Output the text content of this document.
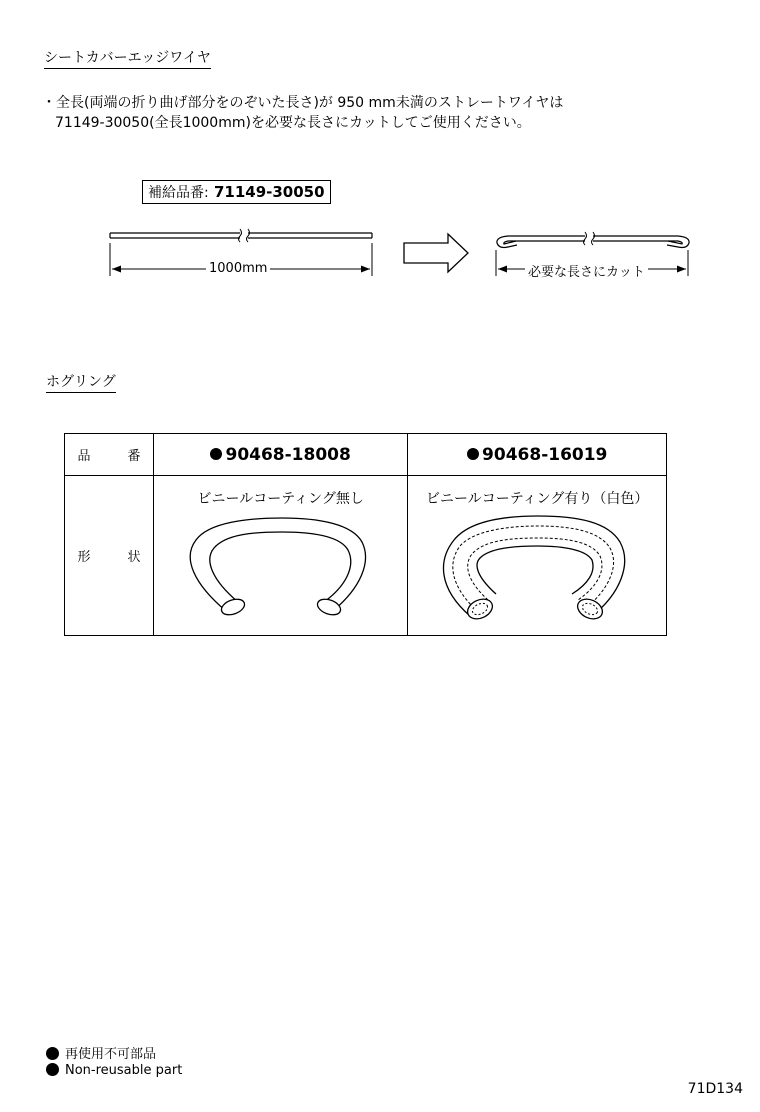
シートカバーエッジワイヤ
・全長(両端の折り曲げ部分をのぞいた長さ)が 950 mm未満のストレートワイヤは
71149-30050(全長1000mm)を必要な長さにカットしてご使用ください。
補給品番: 71149-30050
1000mm	必要な長さにカット
ホグリング
品　番	90468-18008	90468-16019
形　状	ビニールコーティング無し	ビニールコーティング有り（白色）
再使用不可部品
Non-reusable part
71D134
